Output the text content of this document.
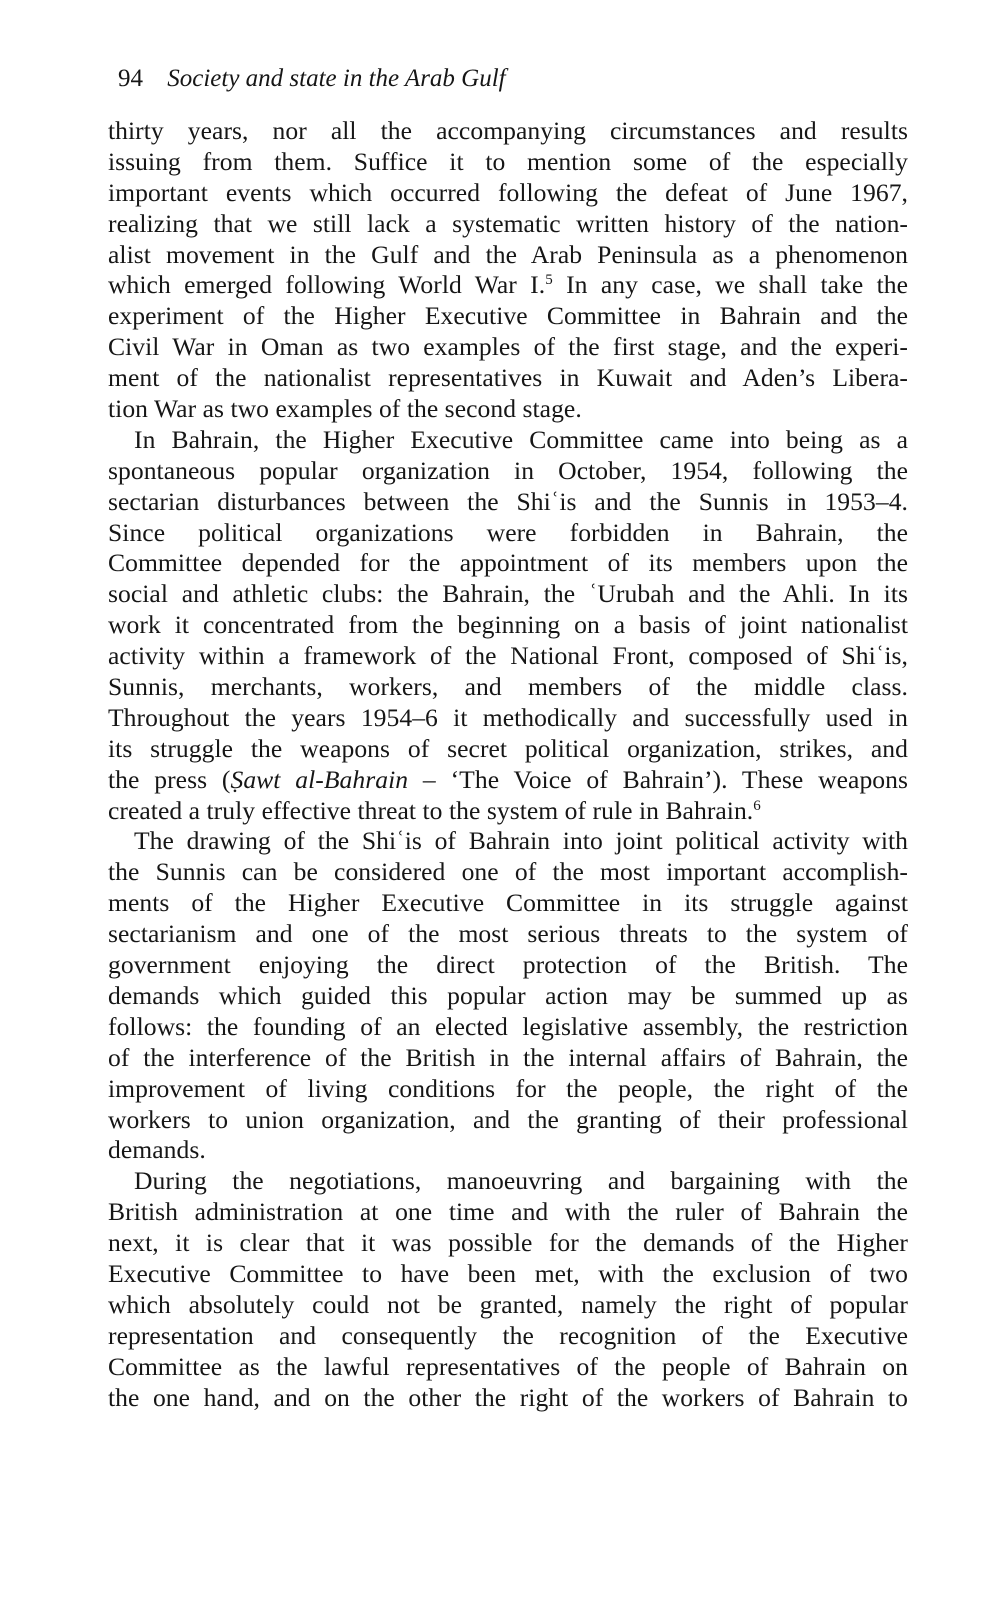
94 Society and state in the Arab Gulf
thirty years, nor all the accompanying circumstances and results
issuing from them. Suffice it to mention some of the especially
important events which occurred following the defeat of June 1967,
realizing that we still lack a systematic written history of the nation-
alist movement in the Gulf and the Arab Peninsula as a phenomenon
which emerged following World War I.$^5$ In any case, we shall take the
experiment of the Higher Executive Committee in Bahrain and the
Civil War in Oman as two examples of the first stage, and the experi-
ment of the nationalist representatives in Kuwait and Aden’s Libera-
tion War as two examples of the second stage.
In Bahrain, the Higher Executive Committee came into being as a
spontaneous popular organization in October, 1954, following the
sectarian disturbances between the Shiʿis and the Sunnis in 1953–4.
Since political organizations were forbidden in Bahrain, the
Committee depended for the appointment of its members upon the
social and athletic clubs: the Bahrain, the ʿUrubah and the Ahli. In its
work it concentrated from the beginning on a basis of joint nationalist
activity within a framework of the National Front, composed of Shiʿis,
Sunnis, merchants, workers, and members of the middle class.
Throughout the years 1954–6 it methodically and successfully used in
its struggle the weapons of secret political organization, strikes, and
the press (Ṣawt al-Bahrain – ‘The Voice of Bahrain’). These weapons
created a truly effective threat to the system of rule in Bahrain.$^6$
The drawing of the Shiʿis of Bahrain into joint political activity with
the Sunnis can be considered one of the most important accomplish-
ments of the Higher Executive Committee in its struggle against
sectarianism and one of the most serious threats to the system of
government enjoying the direct protection of the British. The
demands which guided this popular action may be summed up as
follows: the founding of an elected legislative assembly, the restriction
of the interference of the British in the internal affairs of Bahrain, the
improvement of living conditions for the people, the right of the
workers to union organization, and the granting of their professional
demands.
During the negotiations, manoeuvring and bargaining with the
British administration at one time and with the ruler of Bahrain the
next, it is clear that it was possible for the demands of the Higher
Executive Committee to have been met, with the exclusion of two
which absolutely could not be granted, namely the right of popular
representation and consequently the recognition of the Executive
Committee as the lawful representatives of the people of Bahrain on
the one hand, and on the other the right of the workers of Bahrain to
